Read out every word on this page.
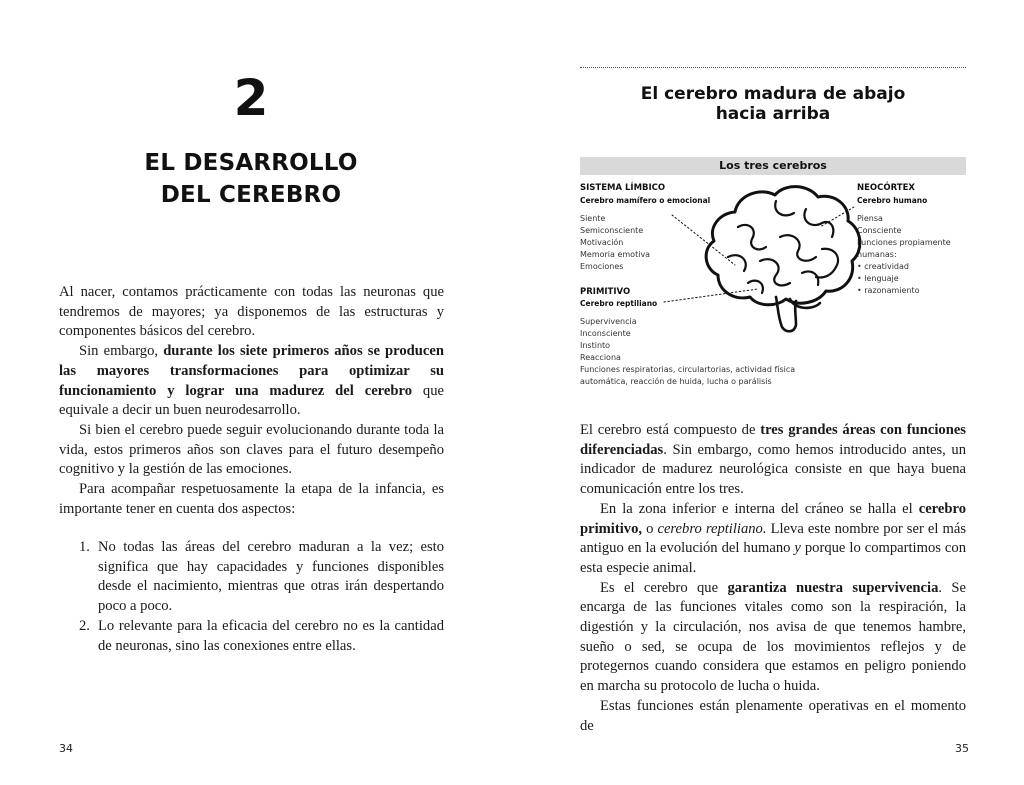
2
EL DESARROLLO
DEL CEREBRO

Al nacer, contamos prácticamente con todas las neuronas que tendremos de mayores; ya disponemos de las estructuras y componentes básicos del cerebro.

Sin embargo, durante los siete primeros años se producen las mayores transformaciones para optimizar su funcionamiento y lograr una madurez del cerebro que equivale a decir un buen neurodesarrollo.

Si bien el cerebro puede seguir evolucionando durante toda la vida, estos primeros años son claves para el futuro desempeño cognitivo y la gestión de las emociones.

Para acompañar respetuosamente la etapa de la infancia, es importante tener en cuenta dos aspectos:

1. No todas las áreas del cerebro maduran a la vez; esto significa que hay capacidades y funciones disponibles desde el nacimiento, mientras que otras irán despertando poco a poco.
2. Lo relevante para la eficacia del cerebro no es la cantidad de neuronas, sino las conexiones entre ellas.
34
El cerebro madura de abajo
hacia arriba
Los tres cerebros
SISTEMA LÍMBICO
Cerebro mamífero o emocional
Siente
Semiconsciente
Motivación
Memoria emotiva
Emociones
PRIMITIVO
Cerebro reptiliano
Supervivencia
Inconsciente
Instinto
Reacciona
Funciones respiratorias, circulartorias, actividad física
automática, reacción de huida, lucha o parálisis
NEOCÓRTEX
Cerebro humano
Piensa
Consciente
Funciones propiamente
humanas:
• creatividad
• lenguaje
• razonamiento

El cerebro está compuesto de tres grandes áreas con funciones diferenciadas. Sin embargo, como hemos introducido antes, un indicador de madurez neurológica consiste en que haya buena comunicación entre los tres.

En la zona inferior e interna del cráneo se halla el cerebro primitivo, o cerebro reptiliano. Lleva este nombre por ser el más antiguo en la evolución del humano y porque lo compartimos con esta especie animal.

Es el cerebro que garantiza nuestra supervivencia. Se encarga de las funciones vitales como son la respiración, la digestión y la circulación, nos avisa de que tenemos hambre, sueño o sed, se ocupa de los movimientos reflejos y de protegernos cuando considera que estamos en peligro poniendo en marcha su protocolo de lucha o huida.

Estas funciones están plenamente operativas en el momento de

35
